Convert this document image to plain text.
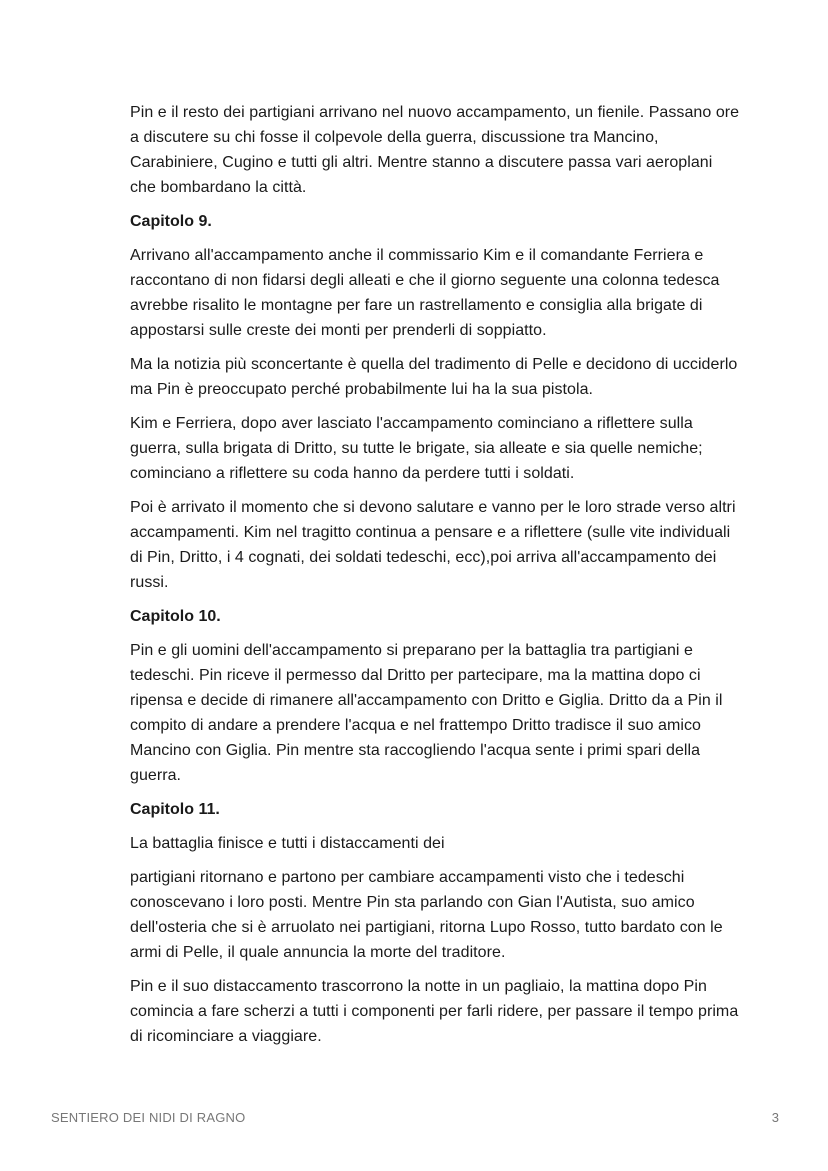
Pin e il resto dei partigiani arrivano nel nuovo accampamento, un fienile. Passano ore a discutere su chi fosse il colpevole della guerra, discussione tra Mancino, Carabiniere, Cugino e tutti gli altri. Mentre stanno a discutere passa vari aeroplani che bombardano la città.

Capitolo 9.

Arrivano all'accampamento anche il commissario Kim e il comandante Ferriera e raccontano di non fidarsi degli alleati e che il giorno seguente una colonna tedesca avrebbe risalito le montagne per fare un rastrellamento e consiglia alla brigate di appostarsi sulle creste dei monti per prenderli di soppiatto.

Ma la notizia più sconcertante è quella del tradimento di Pelle e decidono di ucciderlo ma Pin è preoccupato perché probabilmente lui ha la sua pistola.

Kim e Ferriera, dopo aver lasciato l'accampamento cominciano a riflettere sulla guerra, sulla brigata di Dritto, su tutte le brigate, sia alleate e sia quelle nemiche; cominciano a riflettere su coda hanno da perdere tutti i soldati.

Poi è arrivato il momento che si devono salutare e vanno per le loro strade verso altri accampamenti. Kim nel tragitto continua a pensare e a riflettere (sulle vite individuali di Pin, Dritto, i 4 cognati, dei soldati tedeschi, ecc),poi arriva all'accampamento dei russi.

Capitolo 10.

Pin e gli uomini dell'accampamento si preparano per la battaglia tra partigiani e tedeschi. Pin riceve il permesso dal Dritto per partecipare, ma la mattina dopo ci ripensa e decide di rimanere all'accampamento con Dritto e Giglia. Dritto da a Pin il compito di andare a prendere l'acqua e nel frattempo Dritto tradisce il suo amico Mancino con Giglia. Pin mentre sta raccogliendo l'acqua sente i primi spari della guerra.

Capitolo 11.

La battaglia finisce e tutti i distaccamenti dei

partigiani ritornano e partono per cambiare accampamenti visto che i tedeschi conoscevano i loro posti. Mentre Pin sta parlando con Gian l'Autista, suo amico dell'osteria che si è arruolato nei partigiani, ritorna Lupo Rosso, tutto bardato con le armi di Pelle, il quale annuncia la morte del traditore.

Pin e il suo distaccamento trascorrono la notte in un pagliaio, la mattina dopo Pin comincia a fare scherzi a tutti i componenti per farli ridere, per passare il tempo prima di ricominciare a viaggiare.

SENTIERO DEI NIDI DI RAGNO	3
